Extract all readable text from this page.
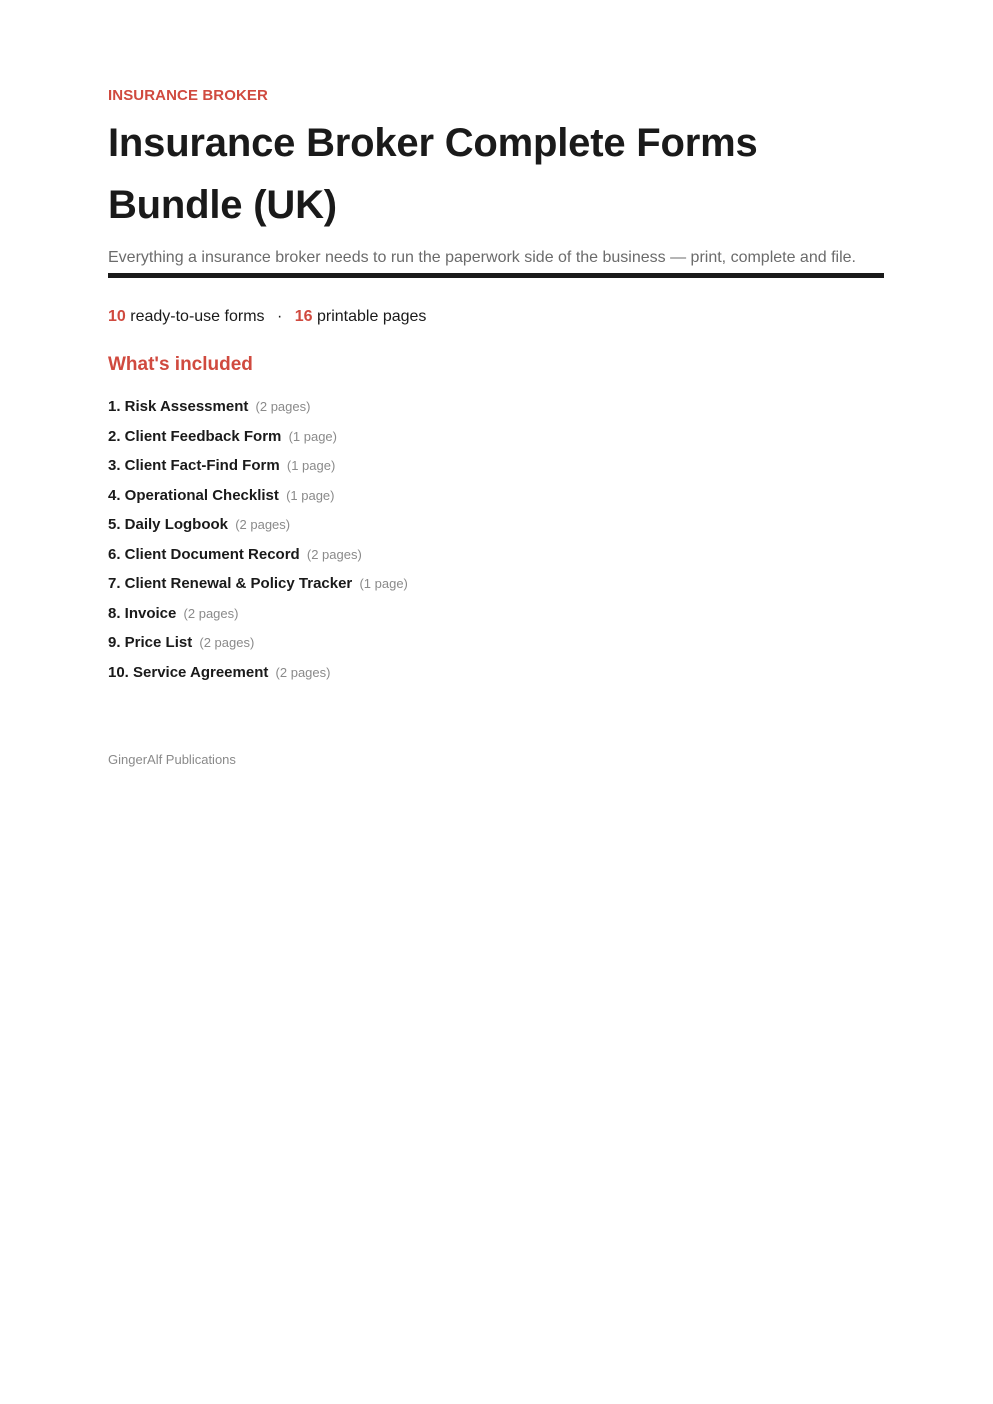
INSURANCE BROKER

Insurance Broker Complete Forms Bundle (UK)

Everything a insurance broker needs to run the paperwork side of the business — print, complete and file.

10 ready-to-use forms · 16 printable pages
What's included
1. Risk Assessment (2 pages)
2. Client Feedback Form (1 page)
3. Client Fact-Find Form (1 page)
4. Operational Checklist (1 page)
5. Daily Logbook (2 pages)
6. Client Document Record (2 pages)
7. Client Renewal & Policy Tracker (1 page)
8. Invoice (2 pages)
9. Price List (2 pages)
10. Service Agreement (2 pages)
GingerAlf Publications
